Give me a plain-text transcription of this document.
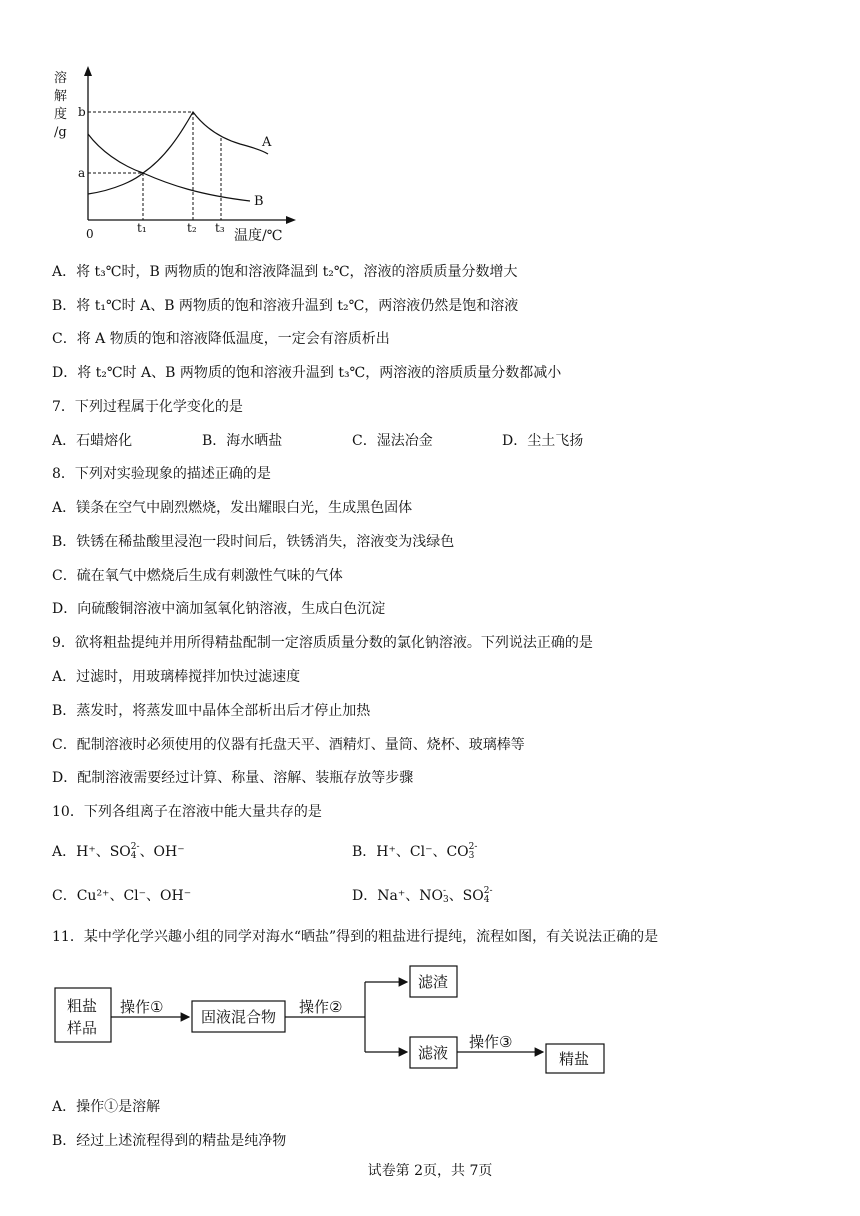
溶
解
度
/g
b
a
A
B
0	t₁	t₂ t₃ 温度/℃
A．将 t₃℃时，B 两物质的饱和溶液降温到 t₂℃，溶液的溶质质量分数增大
B．将 t₁℃时 A、B 两物质的饱和溶液升温到 t₂℃，两溶液仍然是饱和溶液
C．将 A 物质的饱和溶液降低温度，一定会有溶质析出
D．将 t₂℃时 A、B 两物质的饱和溶液升温到 t₃℃，两溶液的溶质质量分数都减小
7．下列过程属于化学变化的是
A．石蜡熔化	B．海水晒盐	C．湿法冶金	D．尘土飞扬
8．下列对实验现象的描述正确的是
A．镁条在空气中剧烈燃烧，发出耀眼白光，生成黑色固体
B．铁锈在稀盐酸里浸泡一段时间后，铁锈消失，溶液变为浅绿色
C．硫在氧气中燃烧后生成有刺激性气味的气体
D．向硫酸铜溶液中滴加氢氧化钠溶液，生成白色沉淀
9．欲将粗盐提纯并用所得精盐配制一定溶质质量分数的氯化钠溶液。下列说法正确的是
A．过滤时，用玻璃棒搅拌加快过滤速度
B．蒸发时，将蒸发皿中晶体全部析出后才停止加热
C．配制溶液时必须使用的仪器有托盘天平、酒精灯、量筒、烧杯、玻璃棒等
D．配制溶液需要经过计算、称量、溶解、装瓶存放等步骤
10．下列各组离子在溶液中能大量共存的是
A．H⁺、SO 2-
4 、OH⁻	B．H⁺、Cl⁻、CO 2-
3
C．Cu²⁺、Cl⁻、OH⁻	D．Na⁺、NO -
3 、SO 2-
4
11．某中学化学兴趣小组的同学对海水“晒盐”得到的粗盐进行提纯，流程如图，有关说法正确的是
粗盐
样品
操作①
固液混合物
操作②
滤渣
滤液
操作③
精盐
A．操作①是溶解
B．经过上述流程得到的精盐是纯净物
试卷第 2页，共 7页
